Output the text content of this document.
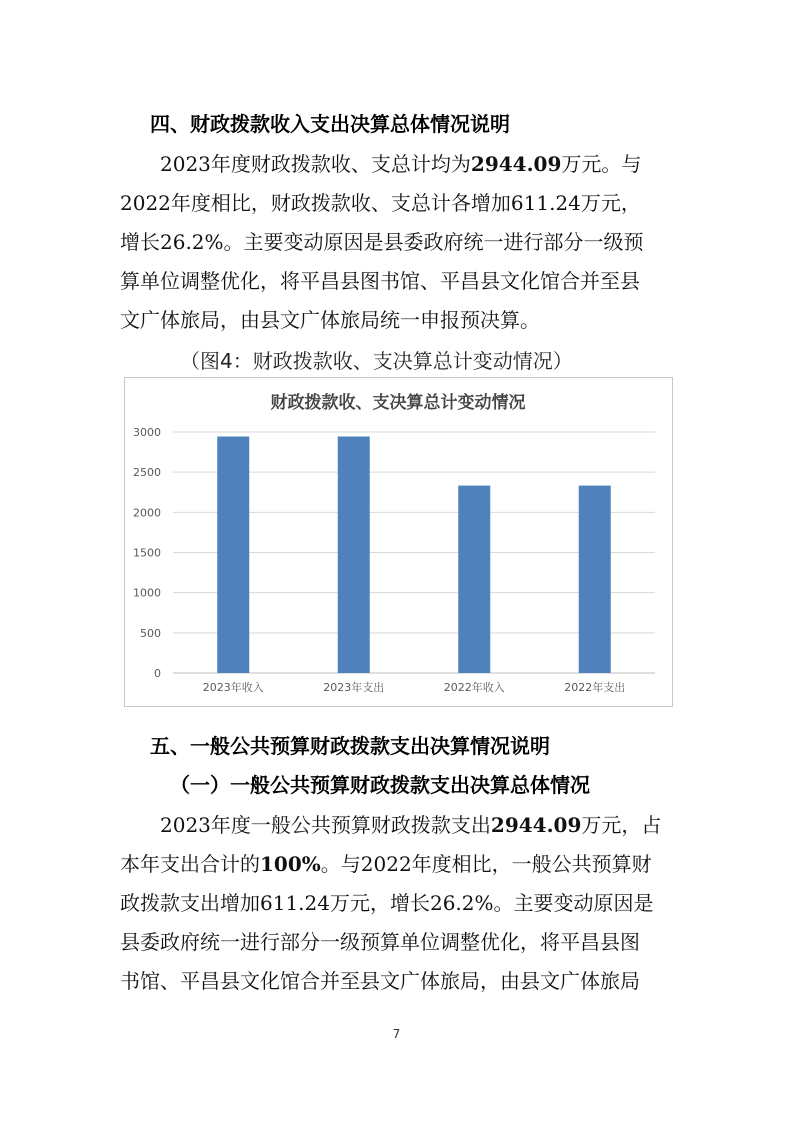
四、财政拨款收入支出决算总体情况说明
2023年度财政拨款收、支总计均为2944.09万元。与
2022年度相比，财政拨款收、支总计各增加611.24万元，
增长26.2%。主要变动原因是县委政府统一进行部分一级预
算单位调整优化，将平昌县图书馆、平昌县文化馆合并至县
文广体旅局，由县文广体旅局统一申报预决算。

（图4：财政拨款收、支决算总计变动情况）

财政拨款收、支决算总计变动情况
0
500
1000
1500
2000
2500
3000
2023年收入	2023年支出	2022年收入	2022年支出
五、一般公共预算财政拨款支出决算情况说明
（一）一般公共预算财政拨款支出决算总体情况
2023年度一般公共预算财政拨款支出2944.09万元，占
本年支出合计的100%。与2022年度相比，一般公共预算财
政拨款支出增加611.24万元，增长26.2%。主要变动原因是
县委政府统一进行部分一级预算单位调整优化，将平昌县图
书馆、平昌县文化馆合并至县文广体旅局，由县文广体旅局
7
